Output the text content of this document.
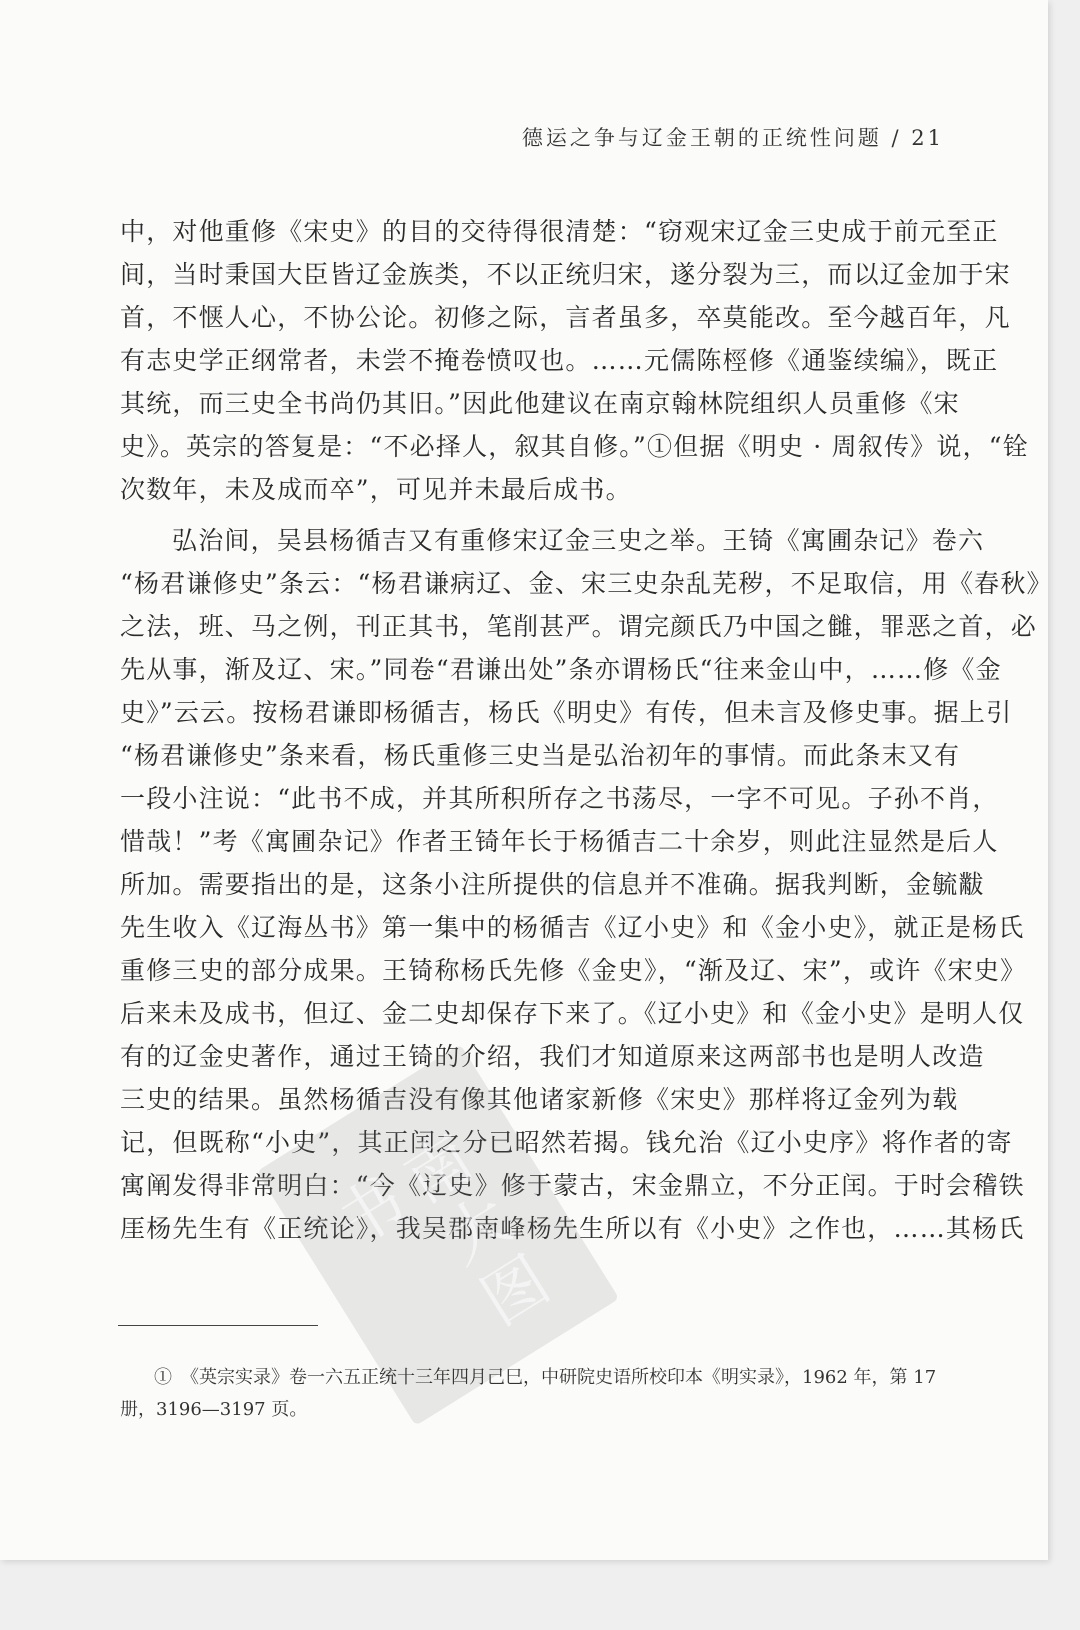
德运之争与辽金王朝的正统性问题 / 21
中，对他重修《宋史》的目的交待得很清楚：“窃观宋辽金三史成于前元至正
间，当时秉国大臣皆辽金族类，不以正统归宋，遂分裂为三，而以辽金加于宋
首，不惬人心，不协公论。初修之际，言者虽多，卒莫能改。至今越百年，凡
有志史学正纲常者，未尝不掩卷愤叹也。……元儒陈桱修《通鉴续编》，既正
其统，而三史全书尚仍其旧。”因此他建议在南京翰林院组织人员重修《宋
史》。英宗的答复是：“不必择人，叙其自修。”①但据《明史 · 周叙传》说，“铨
次数年，未及成而卒”，可见并未最后成书。
弘治间，吴县杨循吉又有重修宋辽金三史之举。王锜《寓圃杂记》卷六
“杨君谦修史”条云：“杨君谦病辽、金、宋三史杂乱芜秽，不足取信，用《春秋》
之法，班、马之例，刊正其书，笔削甚严。谓完颜氏乃中国之雠，罪恶之首，必
先从事，渐及辽、宋。”同卷“君谦出处”条亦谓杨氏“往来金山中，……修《金
史》”云云。按杨君谦即杨循吉，杨氏《明史》有传，但未言及修史事。据上引
“杨君谦修史”条来看，杨氏重修三史当是弘治初年的事情。而此条末又有
一段小注说：“此书不成，并其所积所存之书荡尽，一字不可见。子孙不肖，
惜哉！”考《寓圃杂记》作者王锜年长于杨循吉二十余岁，则此注显然是后人
所加。需要指出的是，这条小注所提供的信息并不准确。据我判断，金毓黻
先生收入《辽海丛书》第一集中的杨循吉《辽小史》和《金小史》，就正是杨氏
重修三史的部分成果。王锜称杨氏先修《金史》，“渐及辽、宋”，或许《宋史》
后来未及成书，但辽、金二史却保存下来了。《辽小史》和《金小史》是明人仅
有的辽金史著作，通过王锜的介绍，我们才知道原来这两部书也是明人改造
三史的结果。虽然杨循吉没有像其他诸家新修《宋史》那样将辽金列为载
记，但既称“小史”，其正闰之分已昭然若揭。钱允治《辽小史序》将作者的寄
寓阐发得非常明白：“今《辽史》修于蒙古，宋金鼎立，不分正闰。于时会稽铁
厓杨先生有《正统论》，我吴郡南峰杨先生所以有《小史》之作也，……其杨氏
南大图书
①　《英宗实录》卷一六五正统十三年四月己巳，中研院史语所校印本《明实录》，1962 年，第 17
册，3196—3197 页。
